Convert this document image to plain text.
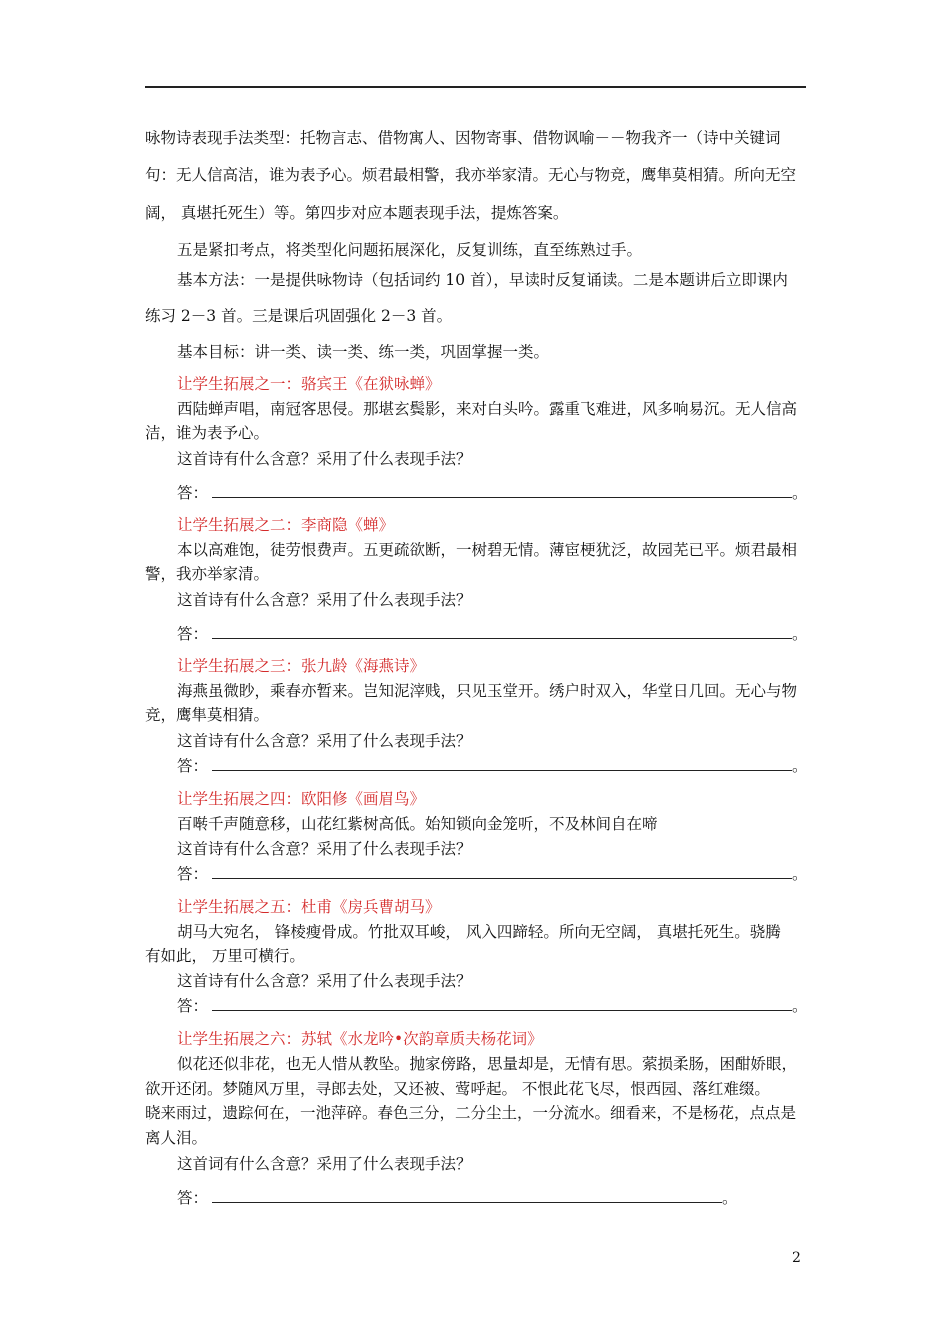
咏物诗表现手法类型：托物言志、借物寓人、因物寄事、借物讽喻－－物我齐一（诗中关键词
句：无人信高洁，谁为表予心。烦君最相警，我亦举家清。无心与物竞，鹰隼莫相猜。所向无空
阔， 真堪托死生）等。第四步对应本题表现手法，提炼答案。
五是紧扣考点，将类型化问题拓展深化，反复训练，直至练熟过手。
基本方法：一是提供咏物诗（包括词约 10 首），早读时反复诵读。二是本题讲后立即课内
练习 2－3 首。三是课后巩固强化 2－3 首。
基本目标：讲一类、读一类、练一类，巩固掌握一类。
让学生拓展之一：骆宾王《在狱咏蝉》
西陆蝉声唱，南冠客思侵。那堪玄鬓影，来对白头吟。露重飞难进，风多响易沉。无人信高
洁，谁为表予心。
这首诗有什么含意？采用了什么表现手法？
答：	。
让学生拓展之二：李商隐《蝉》
本以高难饱，徒劳恨费声。五更疏欲断，一树碧无情。薄宦梗犹泛，故园芜已平。烦君最相
警，我亦举家清。
这首诗有什么含意？采用了什么表现手法？
答：	。
让学生拓展之三：张九龄《海燕诗》
海燕虽微眇，乘春亦暂来。岂知泥滓贱，只见玉堂开。绣户时双入，华堂日几回。无心与物
竞，鹰隼莫相猜。
这首诗有什么含意？采用了什么表现手法？
答：	。
让学生拓展之四：欧阳修《画眉鸟》
百啭千声随意移，山花红紫树高低。始知锁向金笼听，不及林间自在啼
这首诗有什么含意？采用了什么表现手法？
答：	。
让学生拓展之五：杜甫《房兵曹胡马》
胡马大宛名， 锋棱瘦骨成。竹批双耳峻， 风入四蹄轻。所向无空阔， 真堪托死生。骁腾
有如此， 万里可横行。
这首诗有什么含意？采用了什么表现手法？
答：	。
让学生拓展之六：苏轼《水龙吟•次韵章质夫杨花词》
似花还似非花，也无人惜从教坠。抛家傍路，思量却是，无情有思。萦损柔肠，困酣娇眼，
欲开还闭。梦随风万里，寻郎去处，又还被、莺呼起。 不恨此花飞尽，恨西园、落红难缀。
晓来雨过，遗踪何在，一池萍碎。春色三分，二分尘土，一分流水。细看来，不是杨花，点点是
离人泪。
这首词有什么含意？采用了什么表现手法？
答：	。
2
